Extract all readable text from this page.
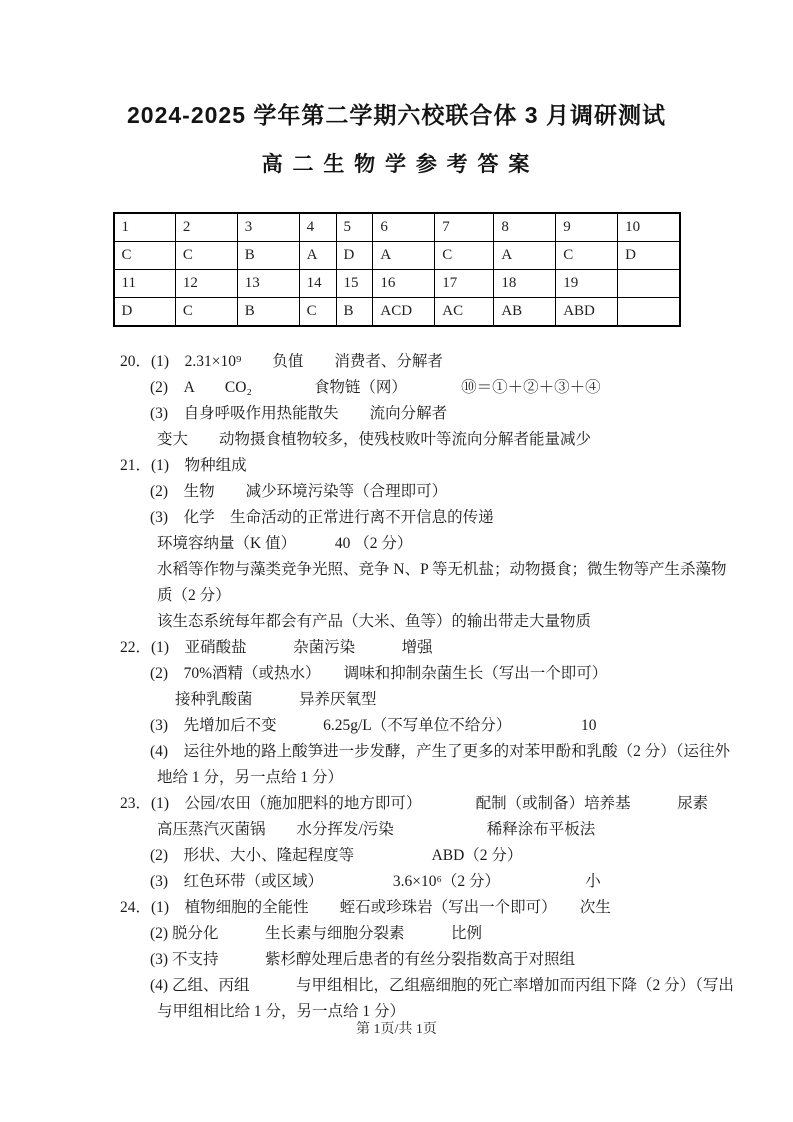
2024-2025 学年第二学期六校联合体 3 月调研测试
高 二 生 物 学 参 考 答 案
1	2	3	4	5	6	7	8	9	10
C	C	B	A	D	A	C	A	C	D
11	12	13	14	15	16	17	18	19	
D	C	B	C	B	ACD	AC	AB	ABD	
20．(1)　2.31×10⁹　　负值　　消费者、分解者
(2)　A　　CO₂　　　　食物链（网）　　　　⑩＝①＋②＋③＋④
(3)　自身呼吸作用热能散失　　流向分解者
变大　　动物摄食植物较多，使残枝败叶等流向分解者能量减少
21．(1)　物种组成
(2)　生物　　减少环境污染等（合理即可）
(3)　化学　生命活动的正常进行离不开信息的传递
环境容纳量（K 值）　　　40 （2 分）
水稻等作物与藻类竞争光照、竞争 N、P 等无机盐；动物摄食；微生物等产生杀藻物
质（2 分）
该生态系统每年都会有产品（大米、鱼等）的输出带走大量物质
22．(1)　亚硝酸盐　　　杂菌污染　　　增强
(2)　70%酒精（或热水）　　调味和抑制杂菌生长（写出一个即可）
接种乳酸菌　　　异养厌氧型
(3)　先增加后不变　　　6.25g/L（不写单位不给分）　　　　　10
(4)　运往外地的路上酸笋进一步发酵，产生了更多的对苯甲酚和乳酸（2 分）（运往外
地给 1 分，另一点给 1 分）
23．(1)　公园/农田（施加肥料的地方即可）　　　　配制（或制备）培养基　　　尿素
高压蒸汽灭菌锅　　水分挥发/污染　　　　　　稀释涂布平板法
(2)　形状、大小、隆起程度等　　　　　ABD（2 分）
(3)　红色环带（或区域）　　　　　3.6×10⁶（2 分）　　　　　　小
24．(1)　植物细胞的全能性　　蛭石或珍珠岩（写出一个即可）　　次生
(2) 脱分化　　　生长素与细胞分裂素　　　比例
(3) 不支持　　　紫杉醇处理后患者的有丝分裂指数高于对照组
(4) 乙组、丙组　　　与甲组相比，乙组癌细胞的死亡率增加而丙组下降（2 分）（写出
与甲组相比给 1 分，另一点给 1 分）
第 1页/共 1页
